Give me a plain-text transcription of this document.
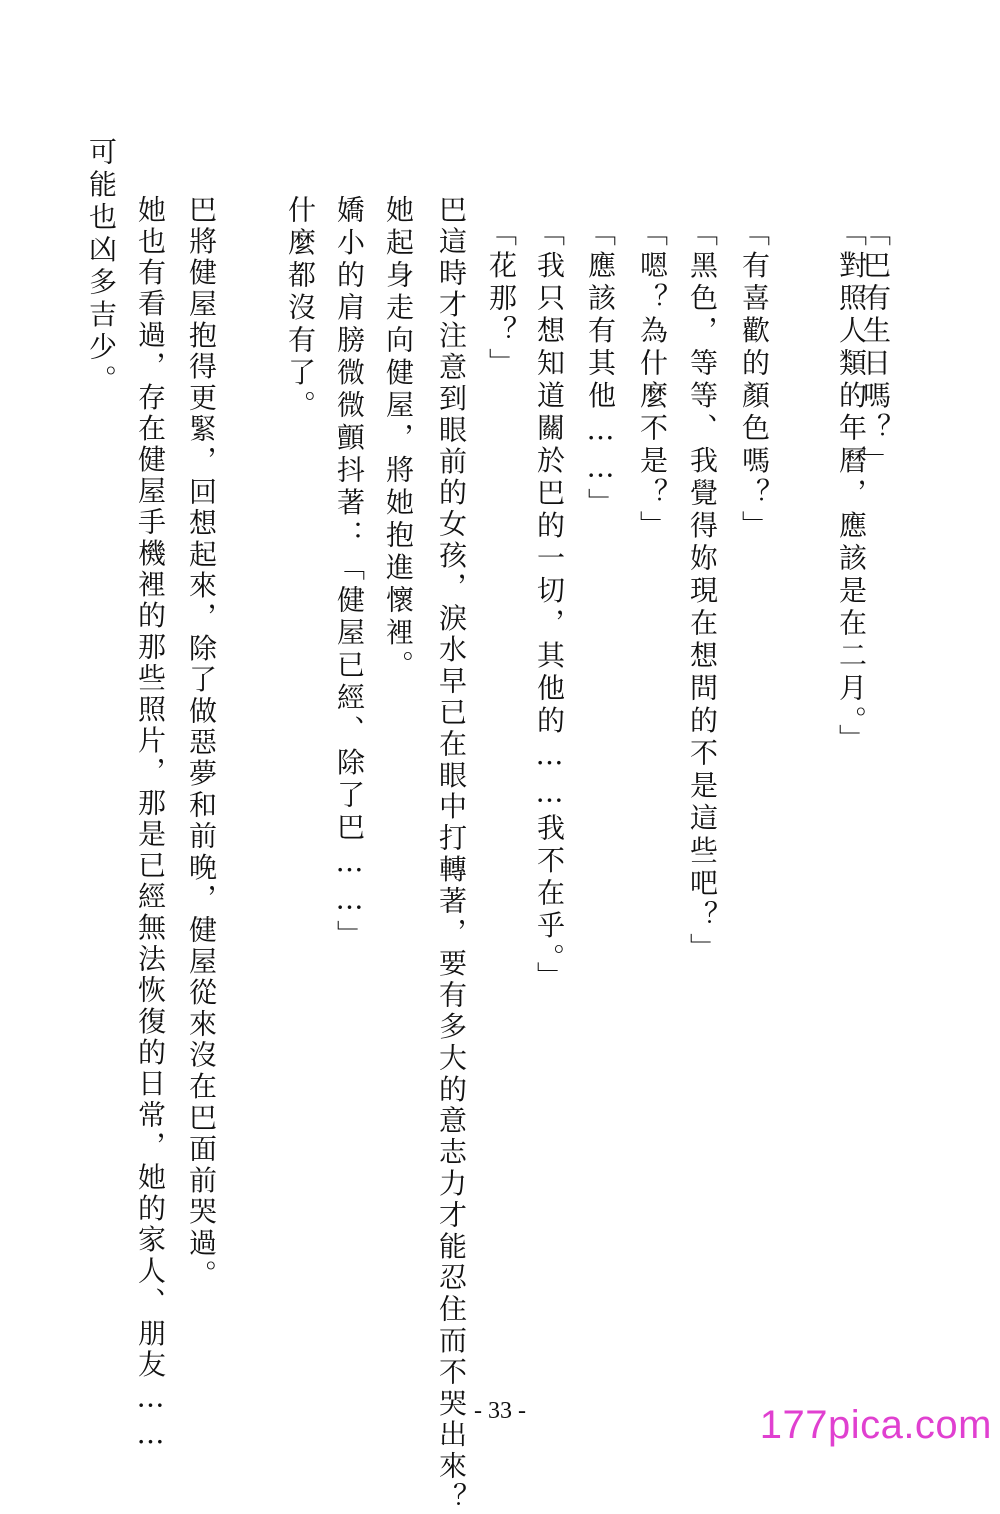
「巴有生日嗎？」
「對照人類的年曆，應該是在二月。」
「有喜歡的顏色嗎？」
「黑色，等等、我覺得妳現在想問的不是這些吧？」
「嗯？為什麼不是？」
「應該有其他……」
「我只想知道關於巴的一切，其他的……我不在乎。」
「花那？」
巴這時才注意到眼前的女孩，淚水早已在眼中打轉著，要有多大的意志力才能忍住而不哭出來？
她起身走向健屋，將她抱進懷裡。
嬌小的肩膀微微顫抖著：「健屋已經、除了巴……」
什麼都沒有了。
巴將健屋抱得更緊，回想起來，除了做惡夢和前晚，健屋從來沒在巴面前哭過。
她也有看過，存在健屋手機裡的那些照片，那是已經無法恢復的日常，她的家人、朋友……
可能也凶多吉少。
- 33 -	177pica.com
